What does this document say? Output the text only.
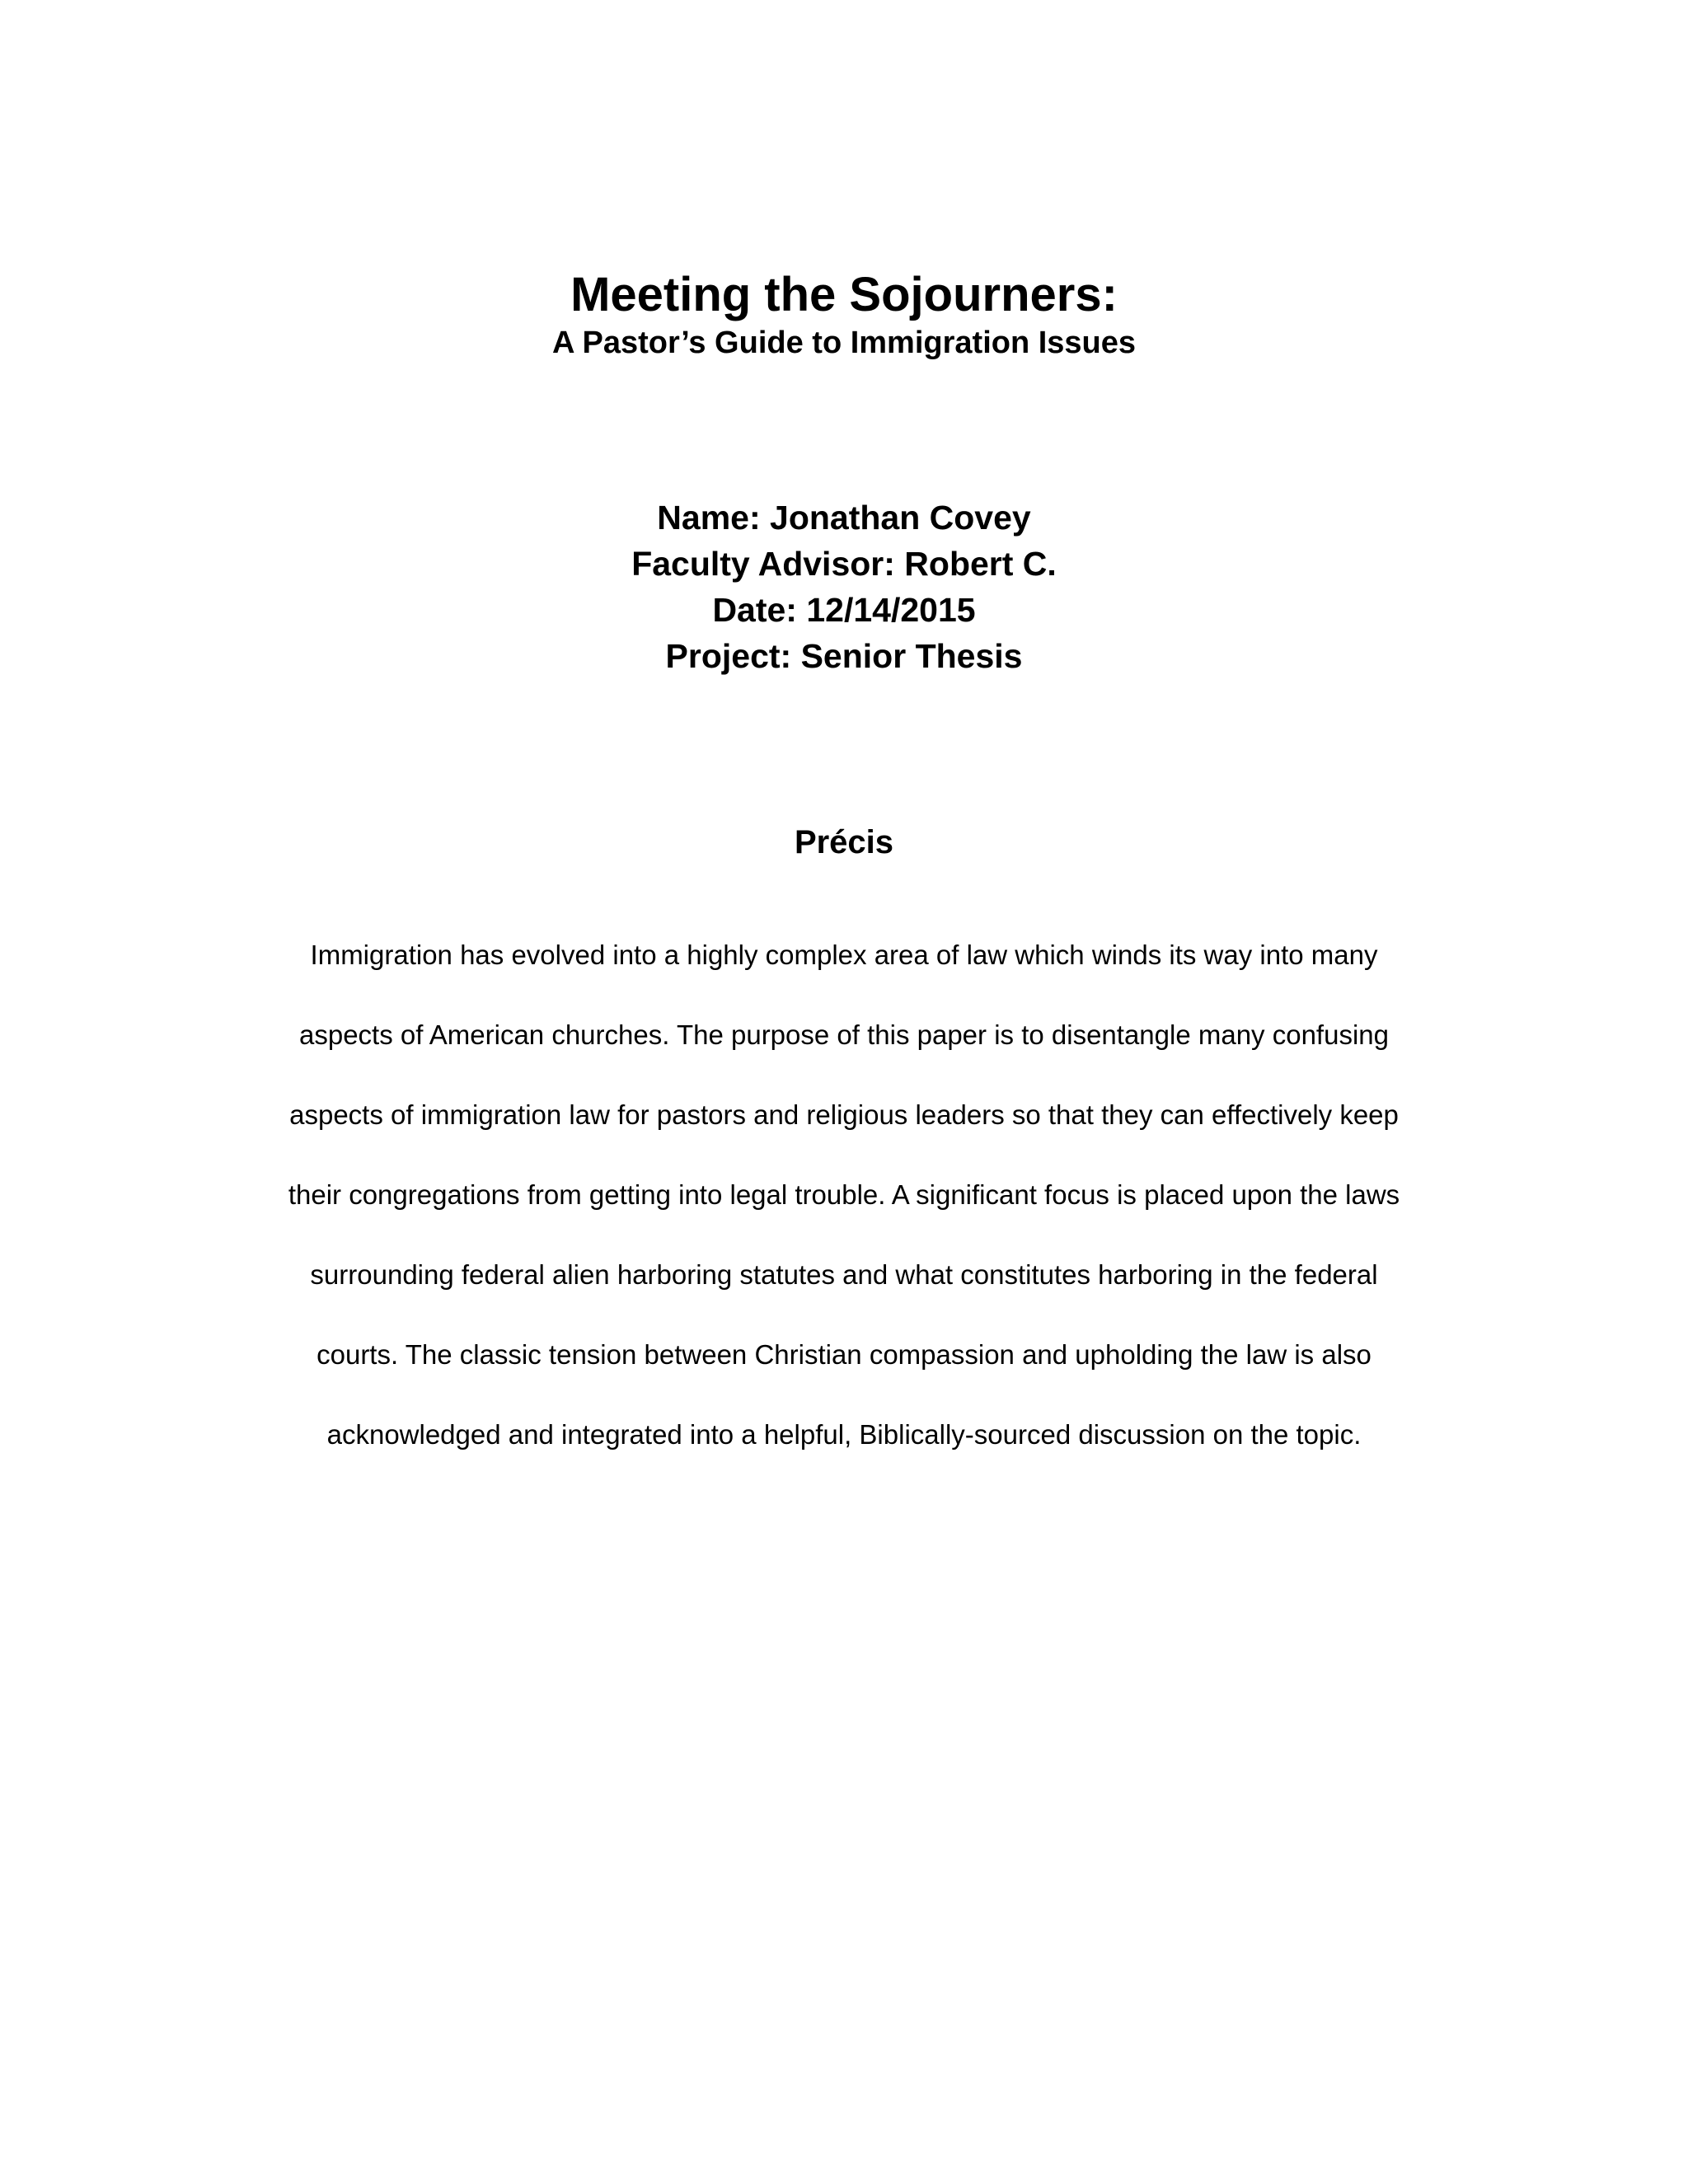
Meeting the Sojourners:
A Pastor’s Guide to Immigration Issues
Name: Jonathan Covey
Faculty Advisor: Robert C.
Date: 12/14/2015
Project: Senior Thesis
Précis
Immigration has evolved into a highly complex area of law which winds its way into many
aspects of American churches. The purpose of this paper is to disentangle many confusing
aspects of immigration law for pastors and religious leaders so that they can effectively keep
their congregations from getting into legal trouble. A significant focus is placed upon the laws
surrounding federal alien harboring statutes and what constitutes harboring in the federal
courts. The classic tension between Christian compassion and upholding the law is also
acknowledged and integrated into a helpful, Biblically-sourced discussion on the topic.
